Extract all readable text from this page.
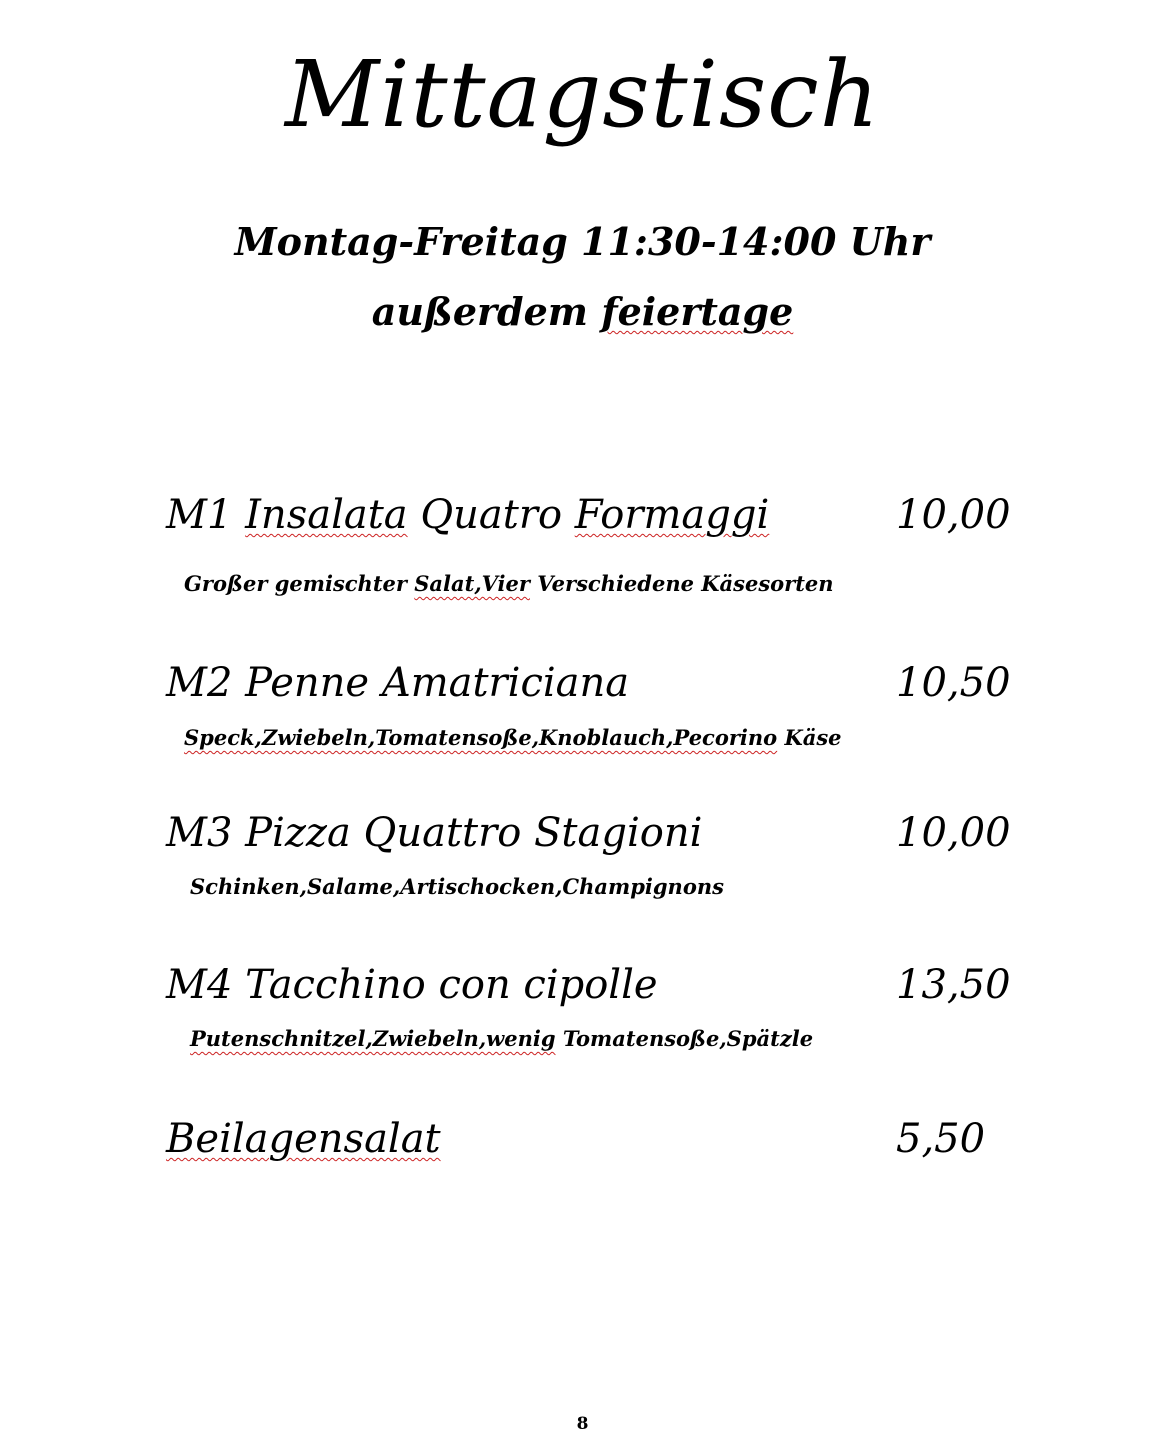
Mittagstisch
Montag-Freitag 11:30-14:00 Uhr
außerdem feiertage
M1 Insalata Quatro Formaggi	10,00
Großer gemischter Salat,Vier Verschiedene Käsesorten
M2 Penne Amatriciana	10,50
Speck,Zwiebeln,Tomatensoße,Knoblauch,Pecorino Käse
M3 Pizza Quattro Stagioni	10,00
Schinken,Salame,Artischocken,Champignons
M4 Tacchino con cipolle	13,50
Putenschnitzel,Zwiebeln,wenig Tomatensoße,Spätzle
Beilagensalat	5,50
8
